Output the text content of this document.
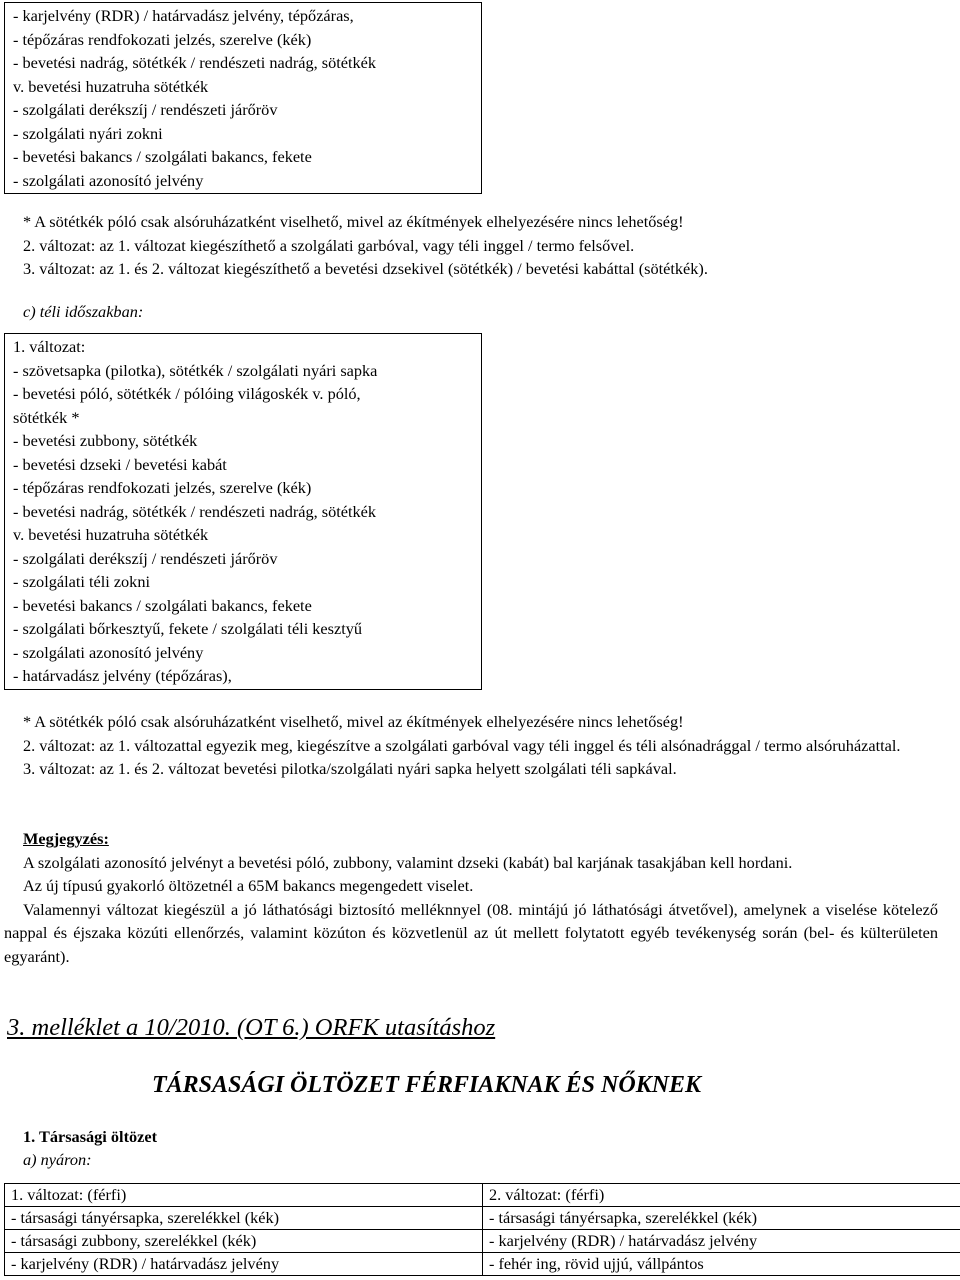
- karjelvény (RDR) / határvadász jelvény, tépőzáras,
- tépőzáras rendfokozati jelzés, szerelve (kék)
- bevetési nadrág, sötétkék / rendészeti nadrág, sötétkék
v. bevetési huzatruha sötétkék
- szolgálati derékszíj / rendészeti járőröv
- szolgálati nyári zokni
- bevetési bakancs / szolgálati bakancs, fekete
- szolgálati azonosító jelvény
* A sötétkék póló csak alsóruházatként viselhető, mivel az ékítmények elhelyezésére nincs lehetőség!
2. változat: az 1. változat kiegészíthető a szolgálati garbóval, vagy téli inggel / termo felsővel.
3. változat: az 1. és 2. változat kiegészíthető a bevetési dzsekivel (sötétkék) / bevetési kabáttal (sötétkék).
c) téli időszakban:
1. változat:
- szövetsapka (pilotka), sötétkék / szolgálati nyári sapka
- bevetési póló, sötétkék / pólóing világoskék v. póló,
sötétkék *
- bevetési zubbony, sötétkék
- bevetési dzseki / bevetési kabát
- tépőzáras rendfokozati jelzés, szerelve (kék)
- bevetési nadrág, sötétkék / rendészeti nadrág, sötétkék
v. bevetési huzatruha sötétkék
- szolgálati derékszíj / rendészeti járőröv
- szolgálati téli zokni
- bevetési bakancs / szolgálati bakancs, fekete
- szolgálati bőrkesztyű, fekete / szolgálati téli kesztyű
- szolgálati azonosító jelvény
- határvadász jelvény (tépőzáras),
* A sötétkék póló csak alsóruházatként viselhető, mivel az ékítmények elhelyezésére nincs lehetőség!
2. változat: az 1. változattal egyezik meg, kiegészítve a szolgálati garbóval vagy téli inggel és téli alsónadrággal / termo alsóruházattal.
3. változat: az 1. és 2. változat bevetési pilotka/szolgálati nyári sapka helyett szolgálati téli sapkával.
Megjegyzés:
A szolgálati azonosító jelvényt a bevetési póló, zubbony, valamint dzseki (kabát) bal karjának tasakjában kell hordani.
Az új típusú gyakorló öltözetnél a 65M bakancs megengedett viselet.
Valamennyi változat kiegészül a jó láthatósági biztosító melléknnyel (08. mintájú jó láthatósági átvetővel), amelynek a viselése kötelező nappal és éjszaka közúti ellenőrzés, valamint közúton és közvetlenül az út mellett folytatott egyéb tevékenység során (bel- és külterületen egyaránt).
3. melléklet a 10/2010. (OT 6.) ORFK utasításhoz
TÁRSASÁGI ÖLTÖZET FÉRFIAKNAK ÉS NŐKNEK
1. Társasági öltözet
a) nyáron:
1. változat: (férfi)	2. változat: (férfi)
- társasági tányérsapka, szerelékkel (kék)	- társasági tányérsapka, szerelékkel (kék)
- társasági zubbony, szerelékkel (kék)	- karjelvény (RDR) / határvadász jelvény
- karjelvény (RDR) / határvadász jelvény	- fehér ing, rövid ujjú, vállpántos
